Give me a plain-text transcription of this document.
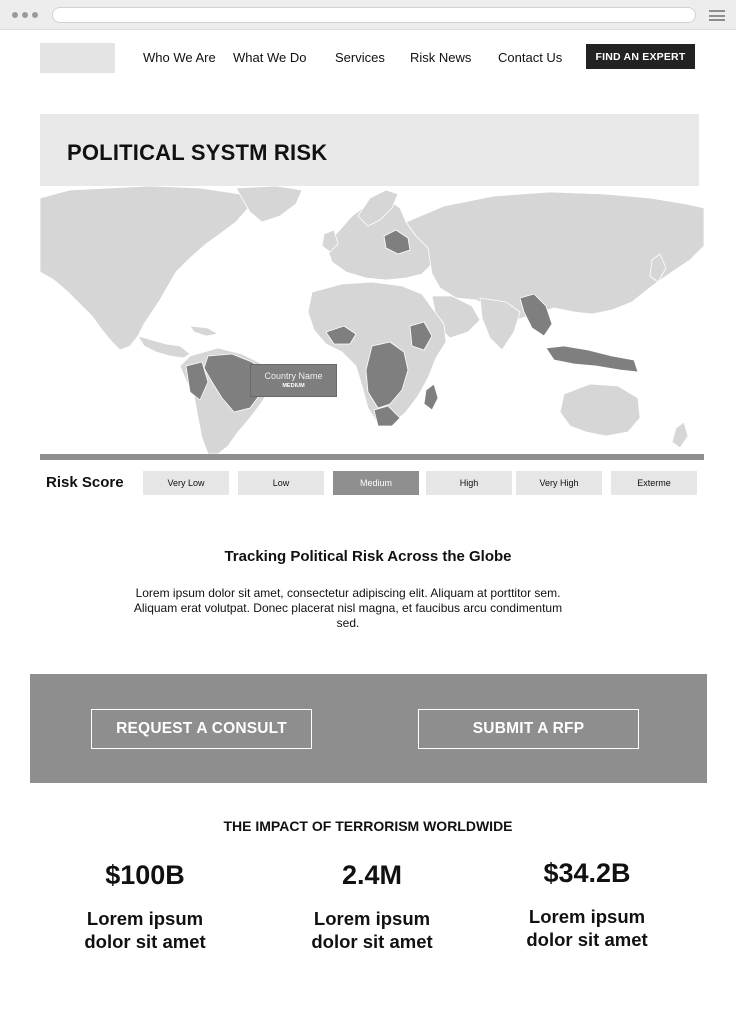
Who We Are What We Do Services Risk News Contact Us	FIND AN EXPERT
POLITICAL SYSTM RISK
Country Name
MEDIUM
Risk Score	Very Low	Low	Medium	High	Very High	Exterme
Tracking Political Risk Across the Globe

Lorem ipsum dolor sit amet, consectetur adipiscing elit. Aliquam at porttitor sem. Aliquam erat volutpat. Donec placerat nisl magna, et faucibus arcu condimentum sed.

REQUEST A CONSULT	SUBMIT A RFP
THE IMPACT OF TERRORISM WORLDWIDE
$100B
Lorem ipsum
dolor sit amet
2.4M
Lorem ipsum
dolor sit amet
$34.2B
Lorem ipsum
dolor sit amet
